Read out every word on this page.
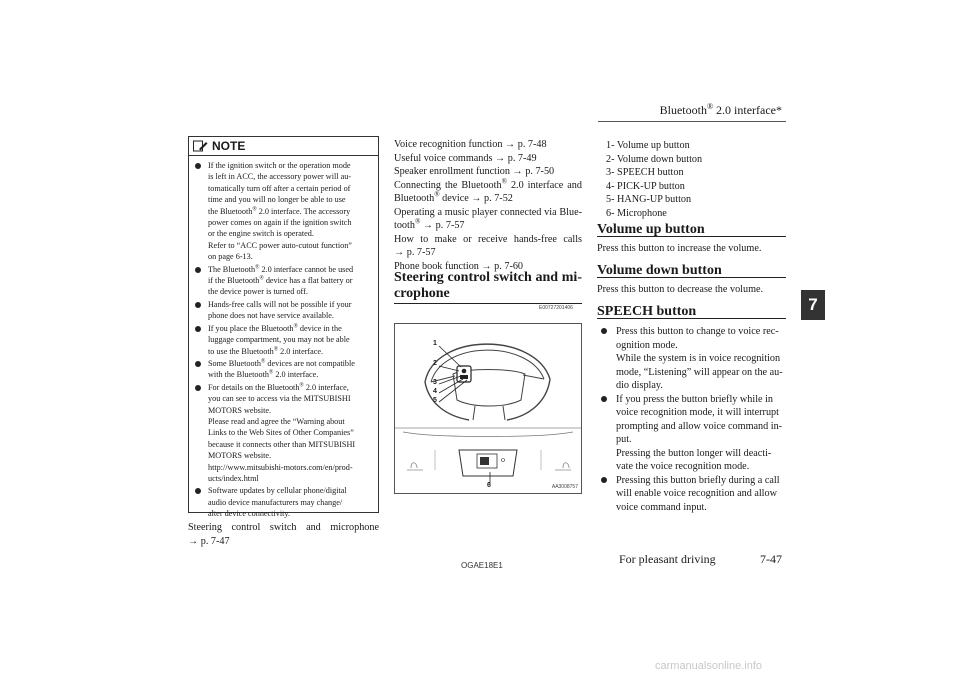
Bluetooth® 2.0 interface*
7
NOTE
If the ignition switch or the operation mode
is left in ACC, the accessory power will au-
tomatically turn off after a certain period of
time and you will no longer be able to use
the Bluetooth® 2.0 interface. The accessory
power comes on again if the ignition switch
or the engine switch is operated.
Refer to “ACC power auto-cutout function”
on page 6-13.
The Bluetooth® 2.0 interface cannot be used
if the Bluetooth® device has a flat battery or
the device power is turned off.
Hands-free calls will not be possible if your
phone does not have service available.
If you place the Bluetooth® device in the
luggage compartment, you may not be able
to use the Bluetooth® 2.0 interface.
Some Bluetooth® devices are not compatible
with the Bluetooth® 2.0 interface.
For details on the Bluetooth® 2.0 interface,
you can see to access via the MITSUBISHI
MOTORS website.
Please read and agree the “Warning about
Links to the Web Sites of Other Companies”
because it connects other than MITSUBISHI
MOTORS website.
http://www.mitsubishi-motors.com/en/prod-
ucts/index.html
Software updates by cellular phone/digital
audio device manufacturers may change/
alter device connectivity.
Steering control switch and microphone
→ p. 7-47
Voice recognition function → p. 7-48
Useful voice commands → p. 7-49
Speaker enrollment function → p. 7-50
Connecting the Bluetooth® 2.0 interface and
Bluetooth® device → p. 7-52
Operating a music player connected via Blue-
tooth® → p. 7-57
How to make or receive hands-free calls
→ p. 7-57
Phone book function → p. 7-60
Steering control switch and mi-
crophone
E00727201406
1
2
3
4
5
6	AA3008757
1- Volume up button
2- Volume down button
3- SPEECH button
4- PICK-UP button
5- HANG-UP button
6- Microphone
Volume up button
Press this button to increase the volume.
Volume down button
Press this button to decrease the volume.
SPEECH button
Press this button to change to voice rec-
ognition mode.
While the system is in voice recognition
mode, “Listening” will appear on the au-
dio display.
If you press the button briefly while in
voice recognition mode, it will interrupt
prompting and allow voice command in-
put.
Pressing the button longer will deacti-
vate the voice recognition mode.
Pressing this button briefly during a call
will enable voice recognition and allow
voice command input.
OGAE18E1	For pleasant driving	7-47
carmanualsonline.info
